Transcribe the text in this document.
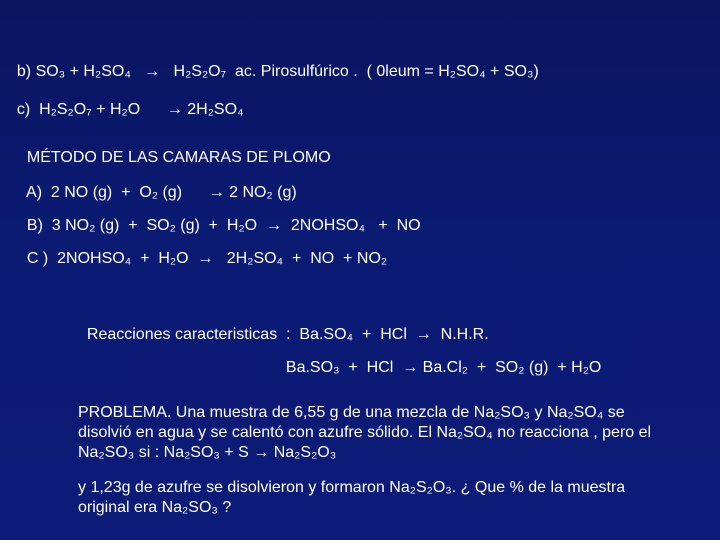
b) SO₃ + H₂SO₄   →   H₂S₂O₇  ac. Pirosulfúrico .  ( 0leum = H₂SO₄ + SO₃)

c)  H₂S₂O₇ + H₂O      → 2H₂SO₄

MÉTODO DE LAS CAMARAS DE PLOMO

A)  2 NO (g)  +  O₂ (g)      → 2 NO₂ (g)

B)  3 NO₂ (g)  +  SO₂ (g)  +  H₂O  →  2NOHSO₄   +  NO

C )  2NOHSO₄  +  H₂O  →   2H₂SO₄  +  NO  + NO₂

Reacciones caracteristicas  :  Ba.SO₄  +  HCl  →  N.H.R.

Ba.SO₃  +  HCl  → Ba.Cl₂  +  SO₂ (g)  + H₂O

PROBLEMA. Una muestra de 6,55 g de una mezcla de Na₂SO₃ y Na₂SO₄ se disolvió en agua y se calentó con azufre sólido. El Na₂SO₄ no reacciona , pero el Na₂SO₃ si : Na₂SO₃ + S → Na₂S₂O₃
y 1,23g de azufre se disolvieron y formaron Na₂S₂O₃. ¿ Que % de la muestra original era Na₂SO₃ ?
